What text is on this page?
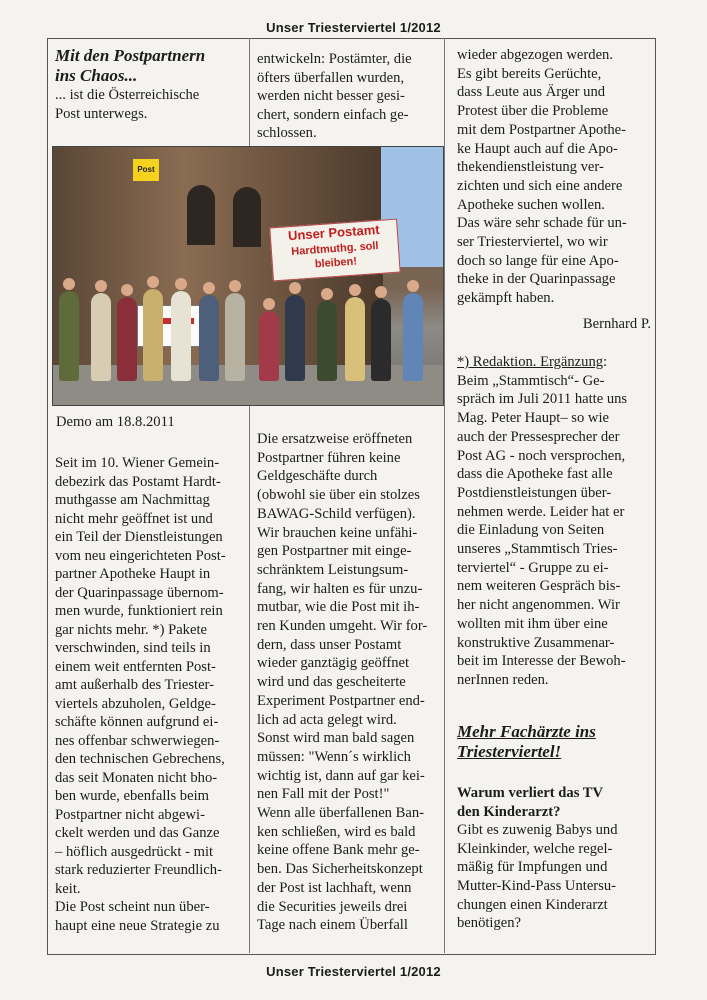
Unser Triesterviertel 1/2012

Mit den Postpartnern

ins Chaos...

... ist die Österreichische

Post unterwegs.

entwickeln: Postämter, die

öfters überfallen wurden,

werden nicht besser gesi-

chert, sondern einfach ge-

schlossen.

Post
Unser Postamt
Hardtmuthg. soll bleiben!
Demo am 18.8.2011

Seit im 10. Wiener Gemein-

debezirk das Postamt Hardt-

muthgasse am Nachmittag

nicht mehr geöffnet ist und

ein Teil der Dienstleistungen

vom neu eingerichteten Post-

partner Apotheke Haupt in

der Quarinpassage übernom-

men wurde, funktioniert rein

gar nichts mehr. *) Pakete

verschwinden, sind teils in

einem weit entfernten Post-

amt außerhalb des Triester-

viertels abzuholen, Geldge-

schäfte können aufgrund ei-

nes offenbar schwerwiegen-

den technischen Gebrechens,

das seit Monaten nicht bho-

ben wurde, ebenfalls beim

Postpartner nicht abgewi-

ckelt werden und das Ganze

– höflich ausgedrückt - mit

stark reduzierter Freundlich-

keit.

Die Post scheint nun über-

haupt eine neue Strategie zu

Die ersatzweise eröffneten

Postpartner führen keine

Geldgeschäfte durch

(obwohl sie über ein stolzes

BAWAG-Schild verfügen).

Wir brauchen keine unfähi-

gen Postpartner mit einge-

schränktem Leistungsum-

fang, wir halten es für unzu-

mutbar, wie die Post mit ih-

ren Kunden umgeht. Wir for-

dern, dass unser Postamt

wieder ganztägig geöffnet

wird und das gescheiterte

Experiment Postpartner end-

lich ad acta gelegt wird.

Sonst wird man bald sagen

müssen: "Wenn´s wirklich

wichtig ist, dann auf gar kei-

nen Fall mit der Post!"

Wenn alle überfallenen Ban-

ken schließen, wird es bald

keine offene Bank mehr ge-

ben. Das Sicherheitskonzept

der Post ist lachhaft, wenn

die Securities jeweils drei

Tage nach einem Überfall

wieder abgezogen werden.

Es gibt bereits Gerüchte,

dass Leute aus Ärger und

Protest über die Probleme

mit dem Postpartner Apothe-

ke Haupt auch auf die Apo-

thekendienstleistung ver-

zichten und sich eine andere

Apotheke suchen wollen.

Das wäre sehr schade für un-

ser Triesterviertel, wo wir

doch so lange für eine Apo-

theke in der Quarinpassage

gekämpft haben.

Bernhard P.

*) Redaktion. Ergänzung:

Beim „Stammtisch“- Ge-

spräch im Juli 2011 hatte uns

Mag. Peter Haupt– so wie

auch der Pressesprecher der

Post AG - noch versprochen,

dass die Apotheke fast alle

Postdienstleistungen über-

nehmen werde. Leider hat er

die Einladung von Seiten

unseres „Stammtisch Tries-

terviertel“ - Gruppe zu ei-

nem weiteren Gespräch bis-

her nicht angenommen. Wir

wollten mit ihm über eine

konstruktive Zusammenar-

beit im Interesse der Bewoh-

nerInnen reden.

Mehr Fachärzte ins

Triesterviertel!

Warum verliert das TV

den Kinderarzt?

Gibt es zuwenig Babys und

Kleinkinder, welche regel-

mäßig für Impfungen und

Mutter-Kind-Pass Untersu-

chungen einen Kinderarzt

benötigen?

Unser Triesterviertel 1/2012
